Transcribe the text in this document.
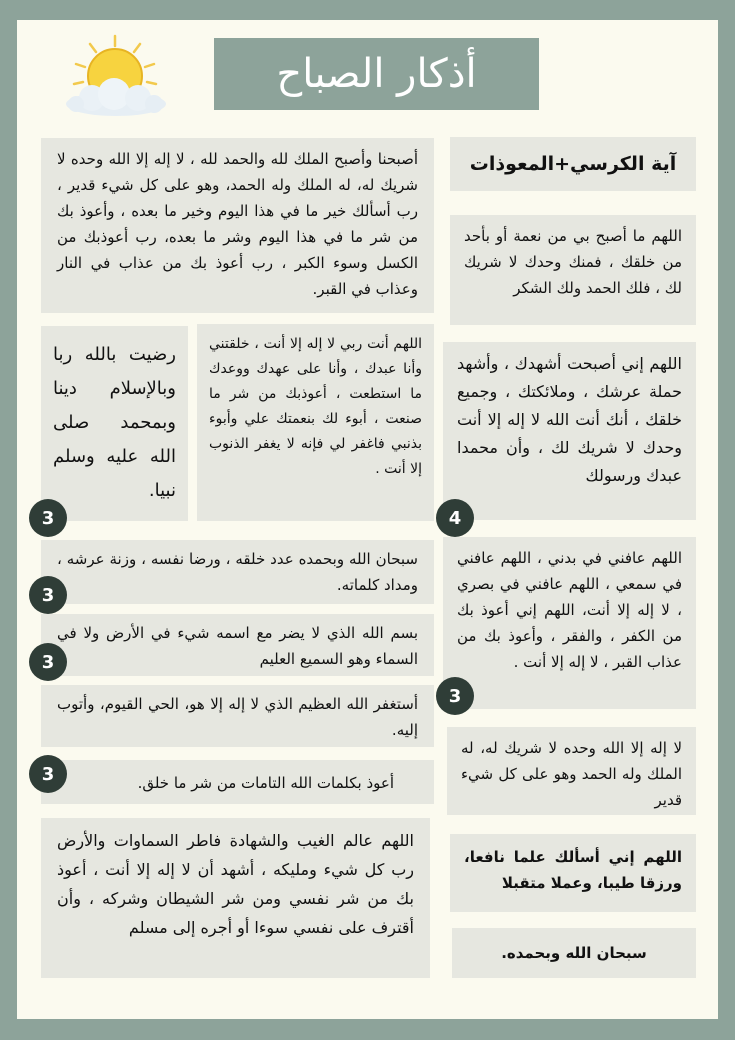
أذكار الصباح
آية الكرسي+المعوذات
اللهم ما أصبح بي من نعمة أو بأحد من خلقك ، فمنك وحدك لا شريك لك ، فلك الحمد ولك الشكر
اللهم إني أصبحت أشهدك ، وأشهد حملة عرشك ، وملائكتك ، وجميع خلقك ، أنك أنت الله لا إله إلا أنت وحدك لا شريك لك ، وأن محمدا عبدك ورسولك
اللهم عافني في بدني ، اللهم عافني في سمعي ، اللهم عافني في بصري ، لا إله إلا أنت، اللهم إني أعوذ بك من الكفر ، والفقر ، وأعوذ بك من عذاب القبر ، لا إله إلا أنت .
لا إله إلا الله وحده لا شريك له، له الملك وله الحمد وهو على كل شيء قدير
اللهم إني أسألك علما نافعا، ورزقا طيبا، وعملا متقبلا
سبحان الله وبحمده.
أصبحنا وأصبح الملك لله والحمد لله ، لا إله إلا الله وحده لا شريك له، له الملك وله الحمد، وهو على كل شيء قدير ، رب أسألك خير ما في هذا اليوم وخير ما بعده ، وأعوذ بك من شر ما في هذا اليوم وشر ما بعده، رب أعوذبك من الكسل وسوء الكبر ، رب أعوذ بك من عذاب في النار وعذاب في القبر.
رضيت بالله ربا وبالإسلام دينا وبمحمد صلى الله عليه وسلم نبيا.
اللهم أنت ربي لا إله إلا أنت ، خلقتني وأنا عبدك ، وأنا على عهدك ووعدك ما استطعت ، أعوذبك من شر ما صنعت ، أبوء لك بنعمتك علي وأبوء بذنبي فاغفر لي فإنه لا يغفر الذنوب إلا أنت .
سبحان الله وبحمده عدد خلقه ، ورضا نفسه ، وزنة عرشه ، ومداد كلماته.
بسم الله الذي لا يضر مع اسمه شيء في الأرض ولا في السماء وهو السميع العليم
أستغفر الله العظيم الذي لا إله إلا هو، الحي القيوم، وأتوب إليه.
أعوذ بكلمات الله التامات من شر ما خلق.
اللهم عالم الغيب والشهادة فاطر السماوات والأرض رب كل شيء ومليكه ، أشهد أن لا إله إلا أنت ، أعوذ بك من شر نفسي ومن شر الشيطان وشركه ، وأن أقترف على نفسي سوءا أو أجره إلى مسلم
3	4
3
3
3
3
